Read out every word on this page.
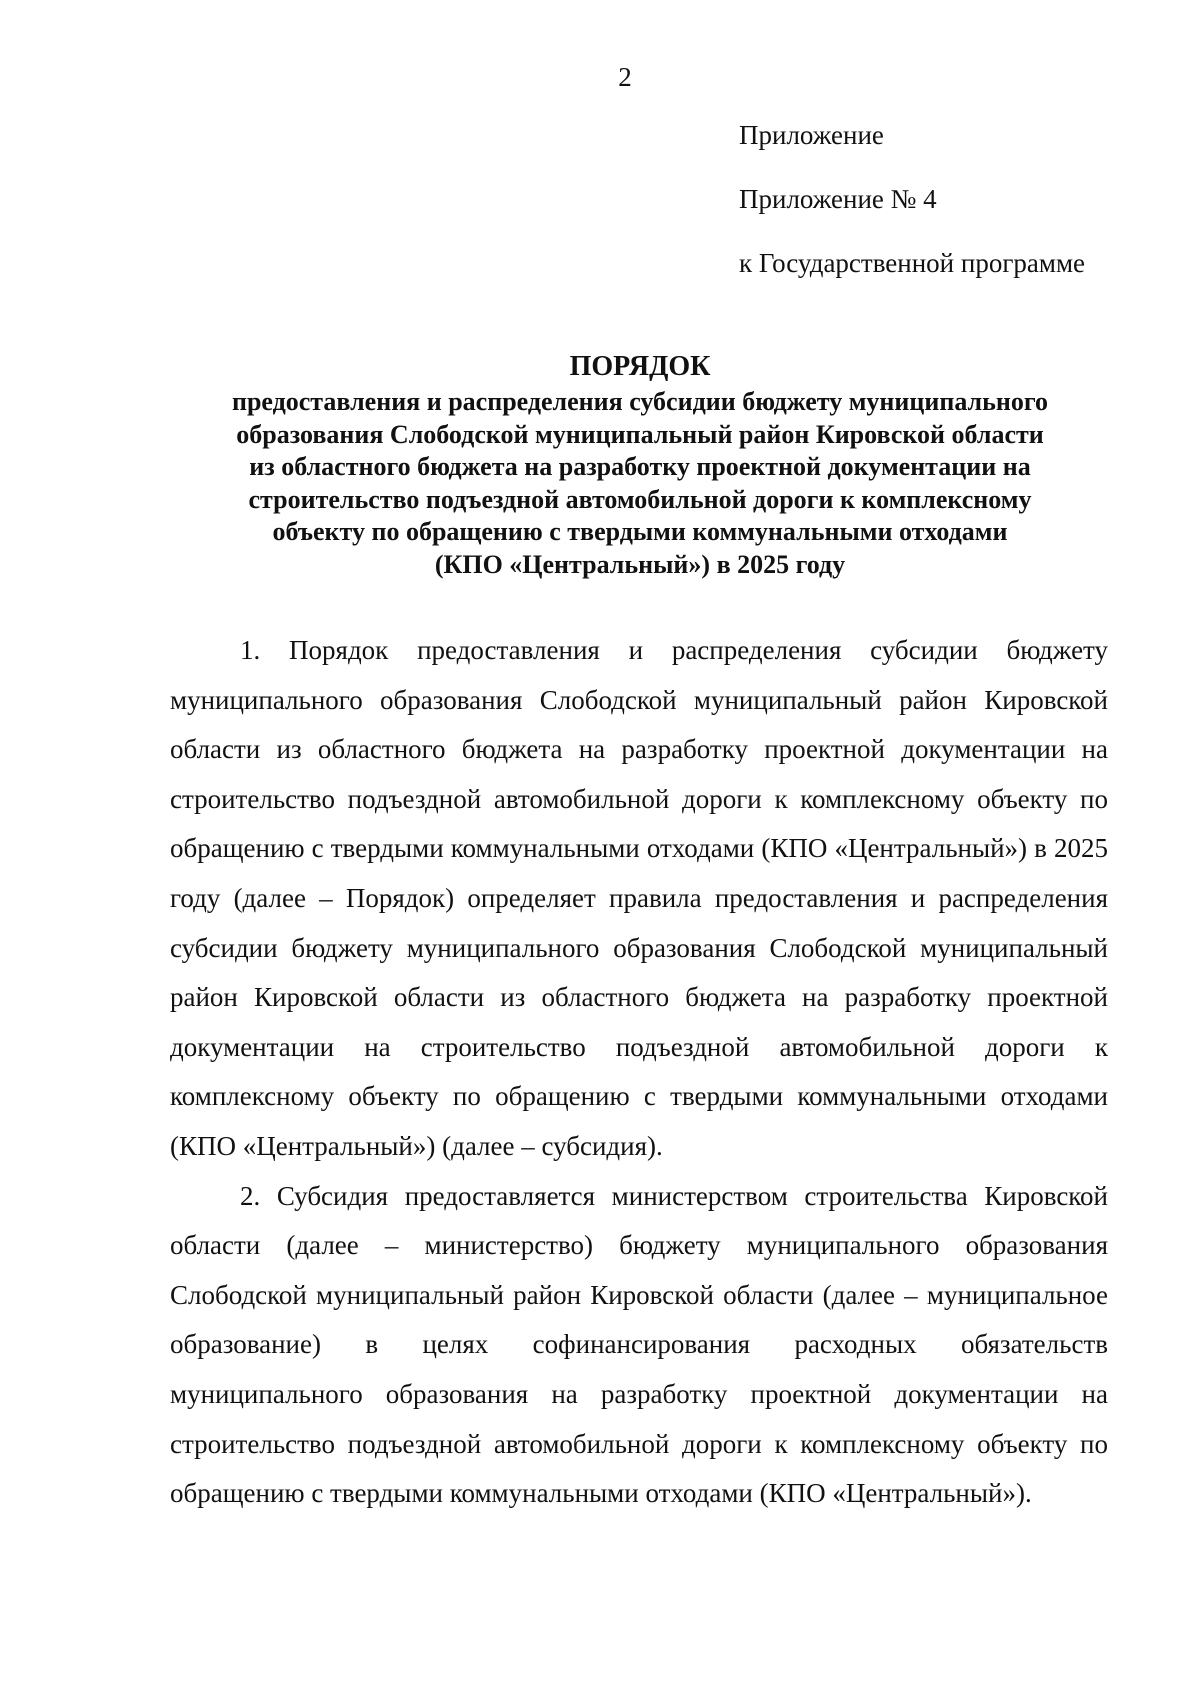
2
Приложение
Приложение № 4
к Государственной программе
ПОРЯДОК
предоставления и распределения субсидии бюджету муниципального
образования Слободской муниципальный район Кировской области
из областного бюджета на разработку проектной документации на
строительство подъездной автомобильной дороги к комплексному
объекту по обращению с твердыми коммунальными отходами
(КПО «Центральный») в 2025 году

1. Порядок предоставления и распределения субсидии бюджету муниципального образования Слободской муниципальный район Кировской области из областного бюджета на разработку проектной документации на строительство подъездной автомобильной дороги к комплексному объекту по обращению с твердыми коммунальными отходами (КПО «Центральный») в 2025 году (далее – Порядок) определяет правила предоставления и распределения субсидии бюджету муниципального образования Слободской муниципальный район Кировской области из областного бюджета на разработку проектной документации на строительство подъездной автомобильной дороги к комплексному объекту по обращению с твердыми коммунальными отходами (КПО «Центральный») (далее – субсидия).

2. Субсидия предоставляется министерством строительства Кировской области (далее – министерство) бюджету муниципального образования Слободской муниципальный район Кировской области (далее – муниципальное образование) в целях софинансирования расходных обязательств муниципального образования на разработку проектной документации на строительство подъездной автомобильной дороги к комплексному объекту по обращению с твердыми коммунальными отходами (КПО «Центральный»).
